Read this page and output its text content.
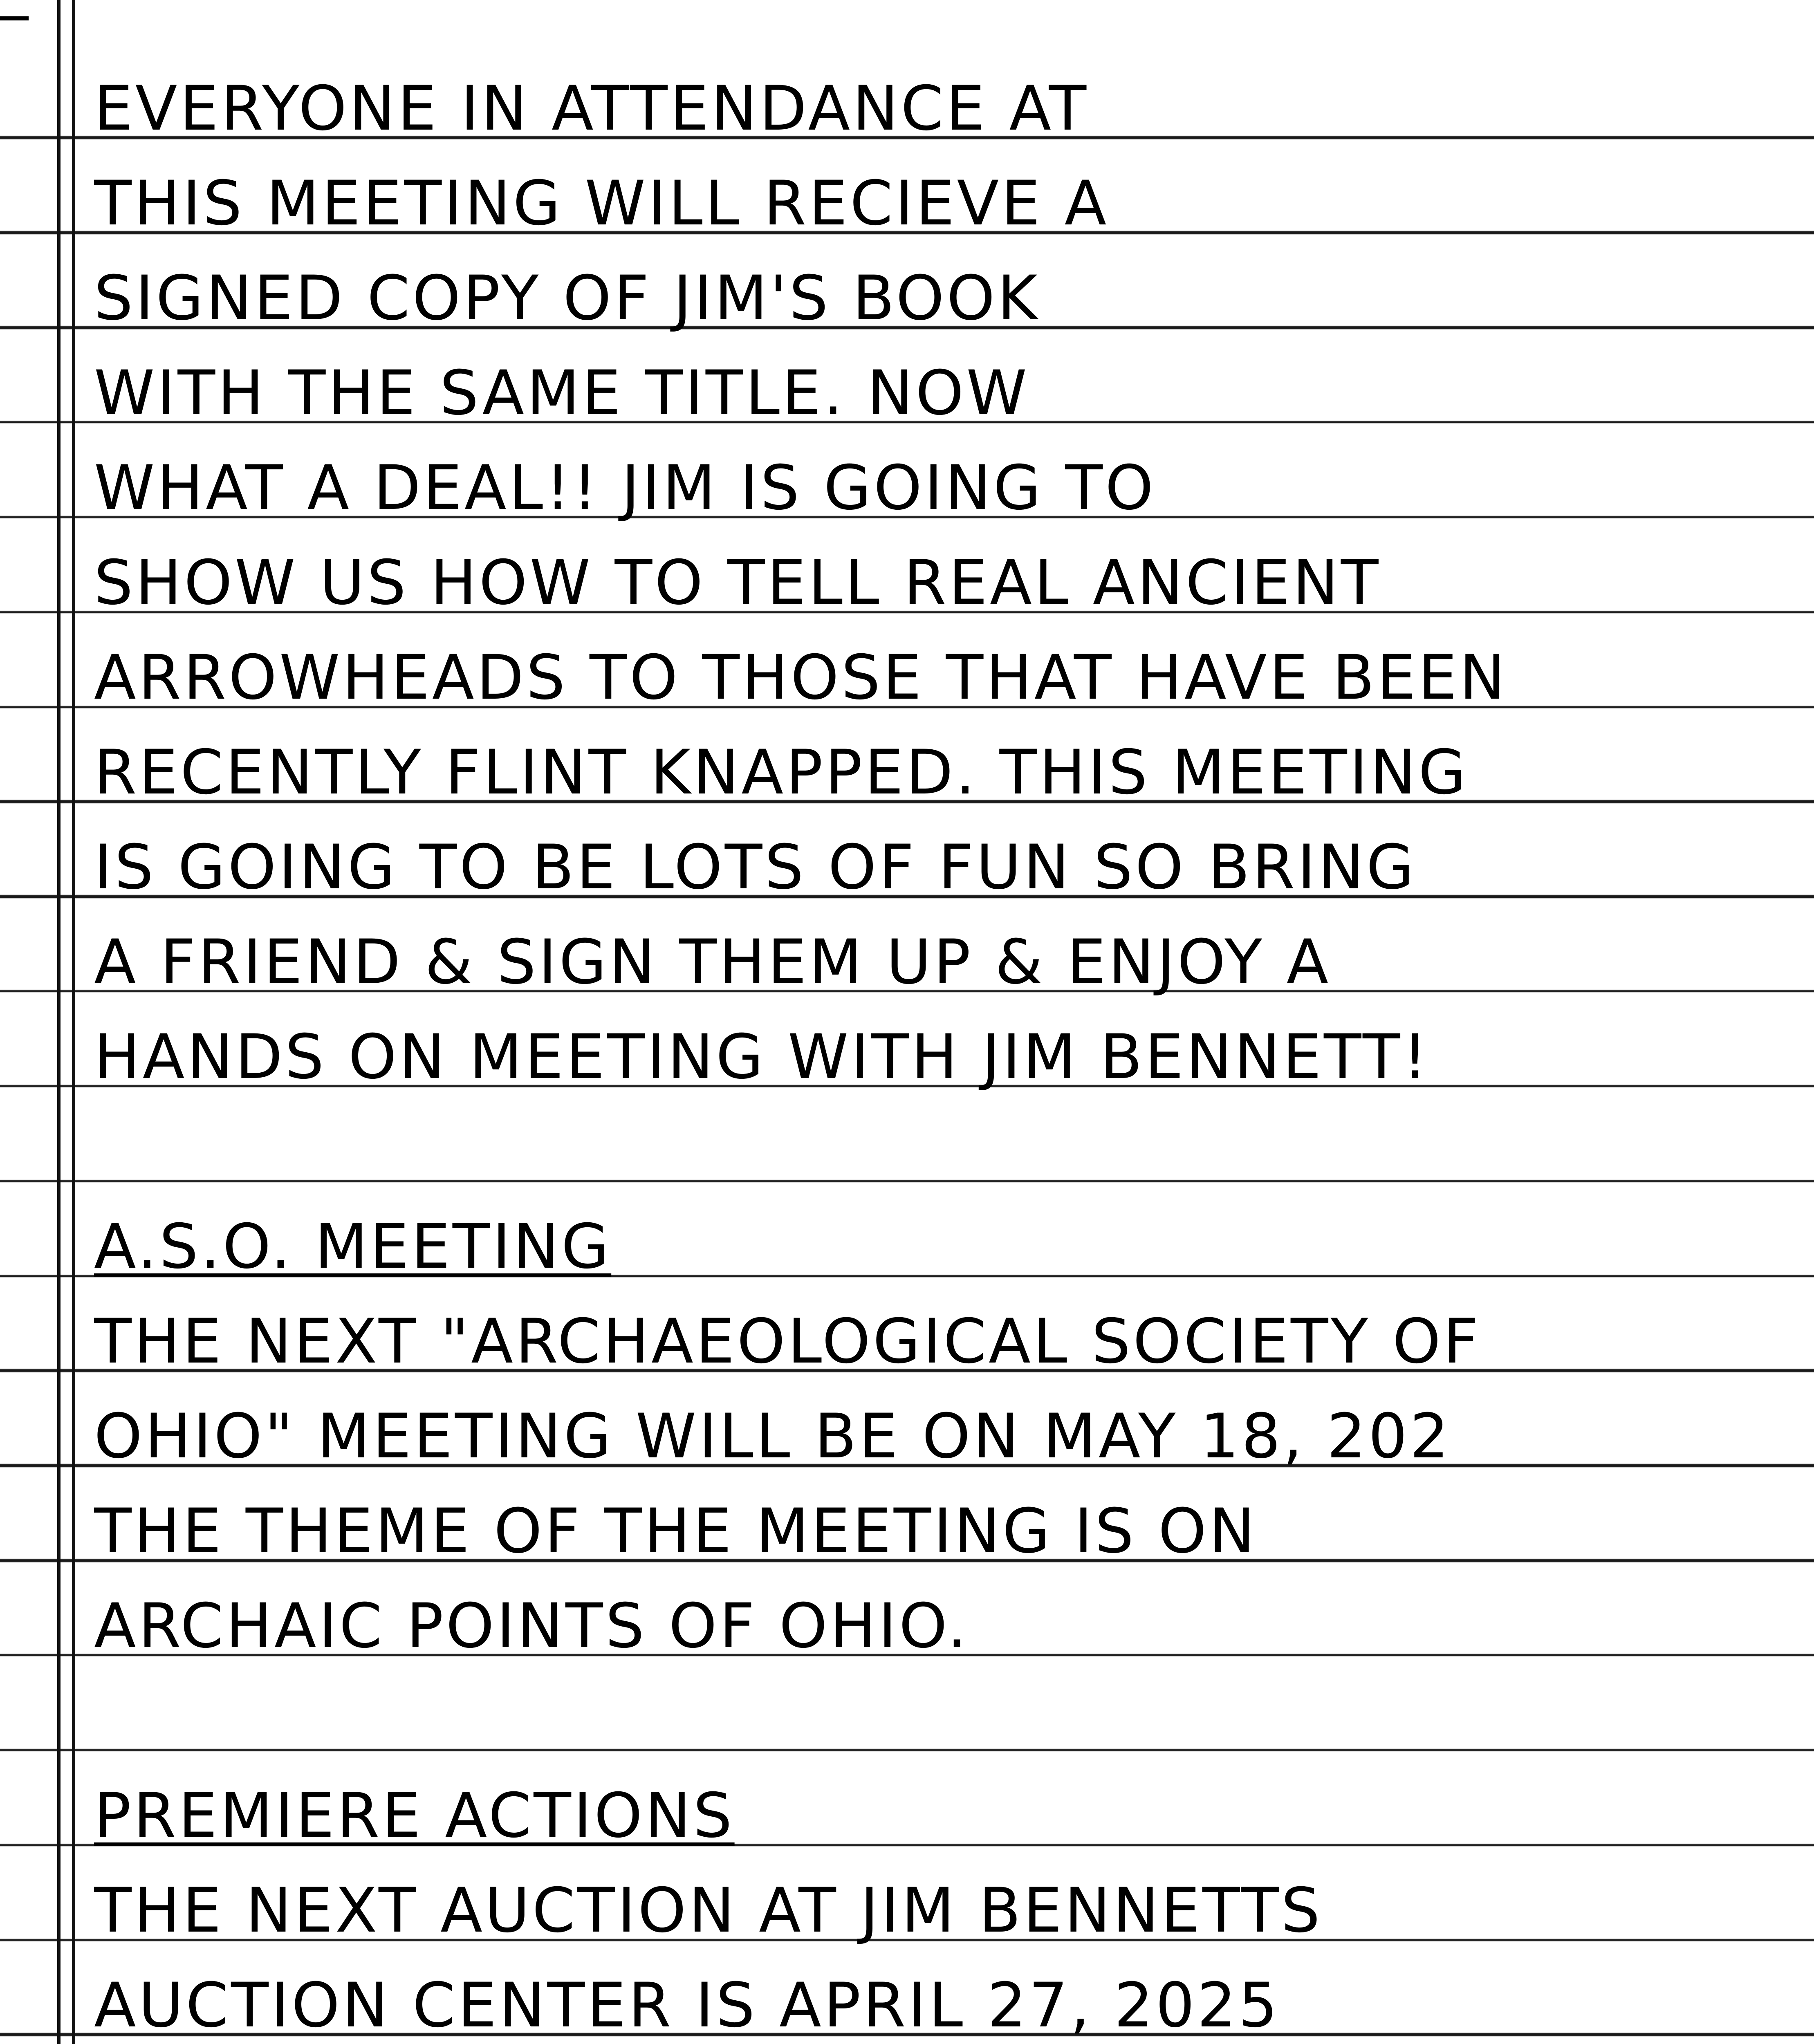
EVERYONE IN ATTENDANCE AT
THIS MEETING WILL RECIEVE A
SIGNED COPY OF JIM'S BOOK
WITH THE SAME TITLE. NOW
WHAT A DEAL!! JIM IS GOING TO
SHOW US HOW TO TELL REAL ANCIENT
ARROWHEADS TO THOSE THAT HAVE BEEN
RECENTLY FLINT KNAPPED. THIS MEETING
IS GOING TO BE LOTS OF FUN SO BRING
A FRIEND & SIGN THEM UP & ENJOY A
HANDS ON MEETING WITH JIM BENNETT!
A.S.O. MEETING
THE NEXT "ARCHAEOLOGICAL SOCIETY OF
OHIO" MEETING WILL BE ON MAY 18, 202
THE THEME OF THE MEETING IS ON
ARCHAIC POINTS OF OHIO.
PREMIERE ACTIONS
THE NEXT AUCTION AT JIM BENNETTS
AUCTION CENTER IS APRIL 27, 2025
